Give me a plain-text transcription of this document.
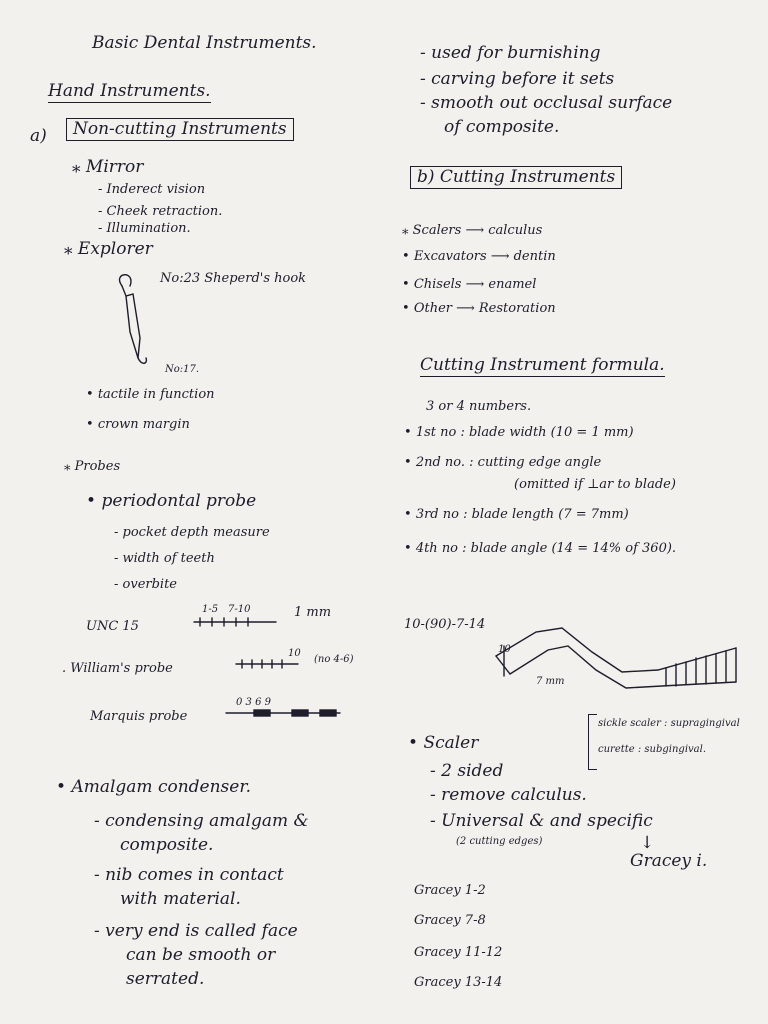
Basic Dental Instruments.
Hand Instruments.
a)	Non-cutting Instruments
⁎ Mirror
- Inderect vision
- Cheek retraction.
- Illumination.
⁎ Explorer
No:23 Sheperd's hook
No:17.
• tactile in function
• crown margin
⁎ Probes
• periodontal probe
- pocket depth measure
- width of teeth
- overbite
UNC 15
1-5 7-10	1 mm
. William's probe
10
(no 4-6)
Marquis probe
0 3 6 9
• Amalgam condenser.
- condensing amalgam &
composite.
- nib comes in contact
with material.
- very end is called face
can be smooth or
serrated.
- used for burnishing
- carving before it sets
- smooth out occlusal surface
of composite.
b) Cutting Instruments
⁎ Scalers ⟶ calculus
• Excavators ⟶ dentin
• Chisels ⟶ enamel
• Other ⟶ Restoration
Cutting Instrument formula.
3 or 4 numbers.
• 1st no : blade width (10 = 1 mm)
• 2nd no. : cutting edge angle
(omitted if ⊥ar to blade)
• 3rd no : blade length (7 = 7mm)
• 4th no : blade angle (14 = 14% of 360).
10-(90)-7-14
10
7 mm
• Scaler
sickle scaler : supragingival
curette : subgingival.
- 2 sided
- remove calculus.
- Universal & and specific
(2 cutting edges)	↓
Gracey i.
Gracey 1-2
Gracey 7-8
Gracey 11-12
Gracey 13-14
